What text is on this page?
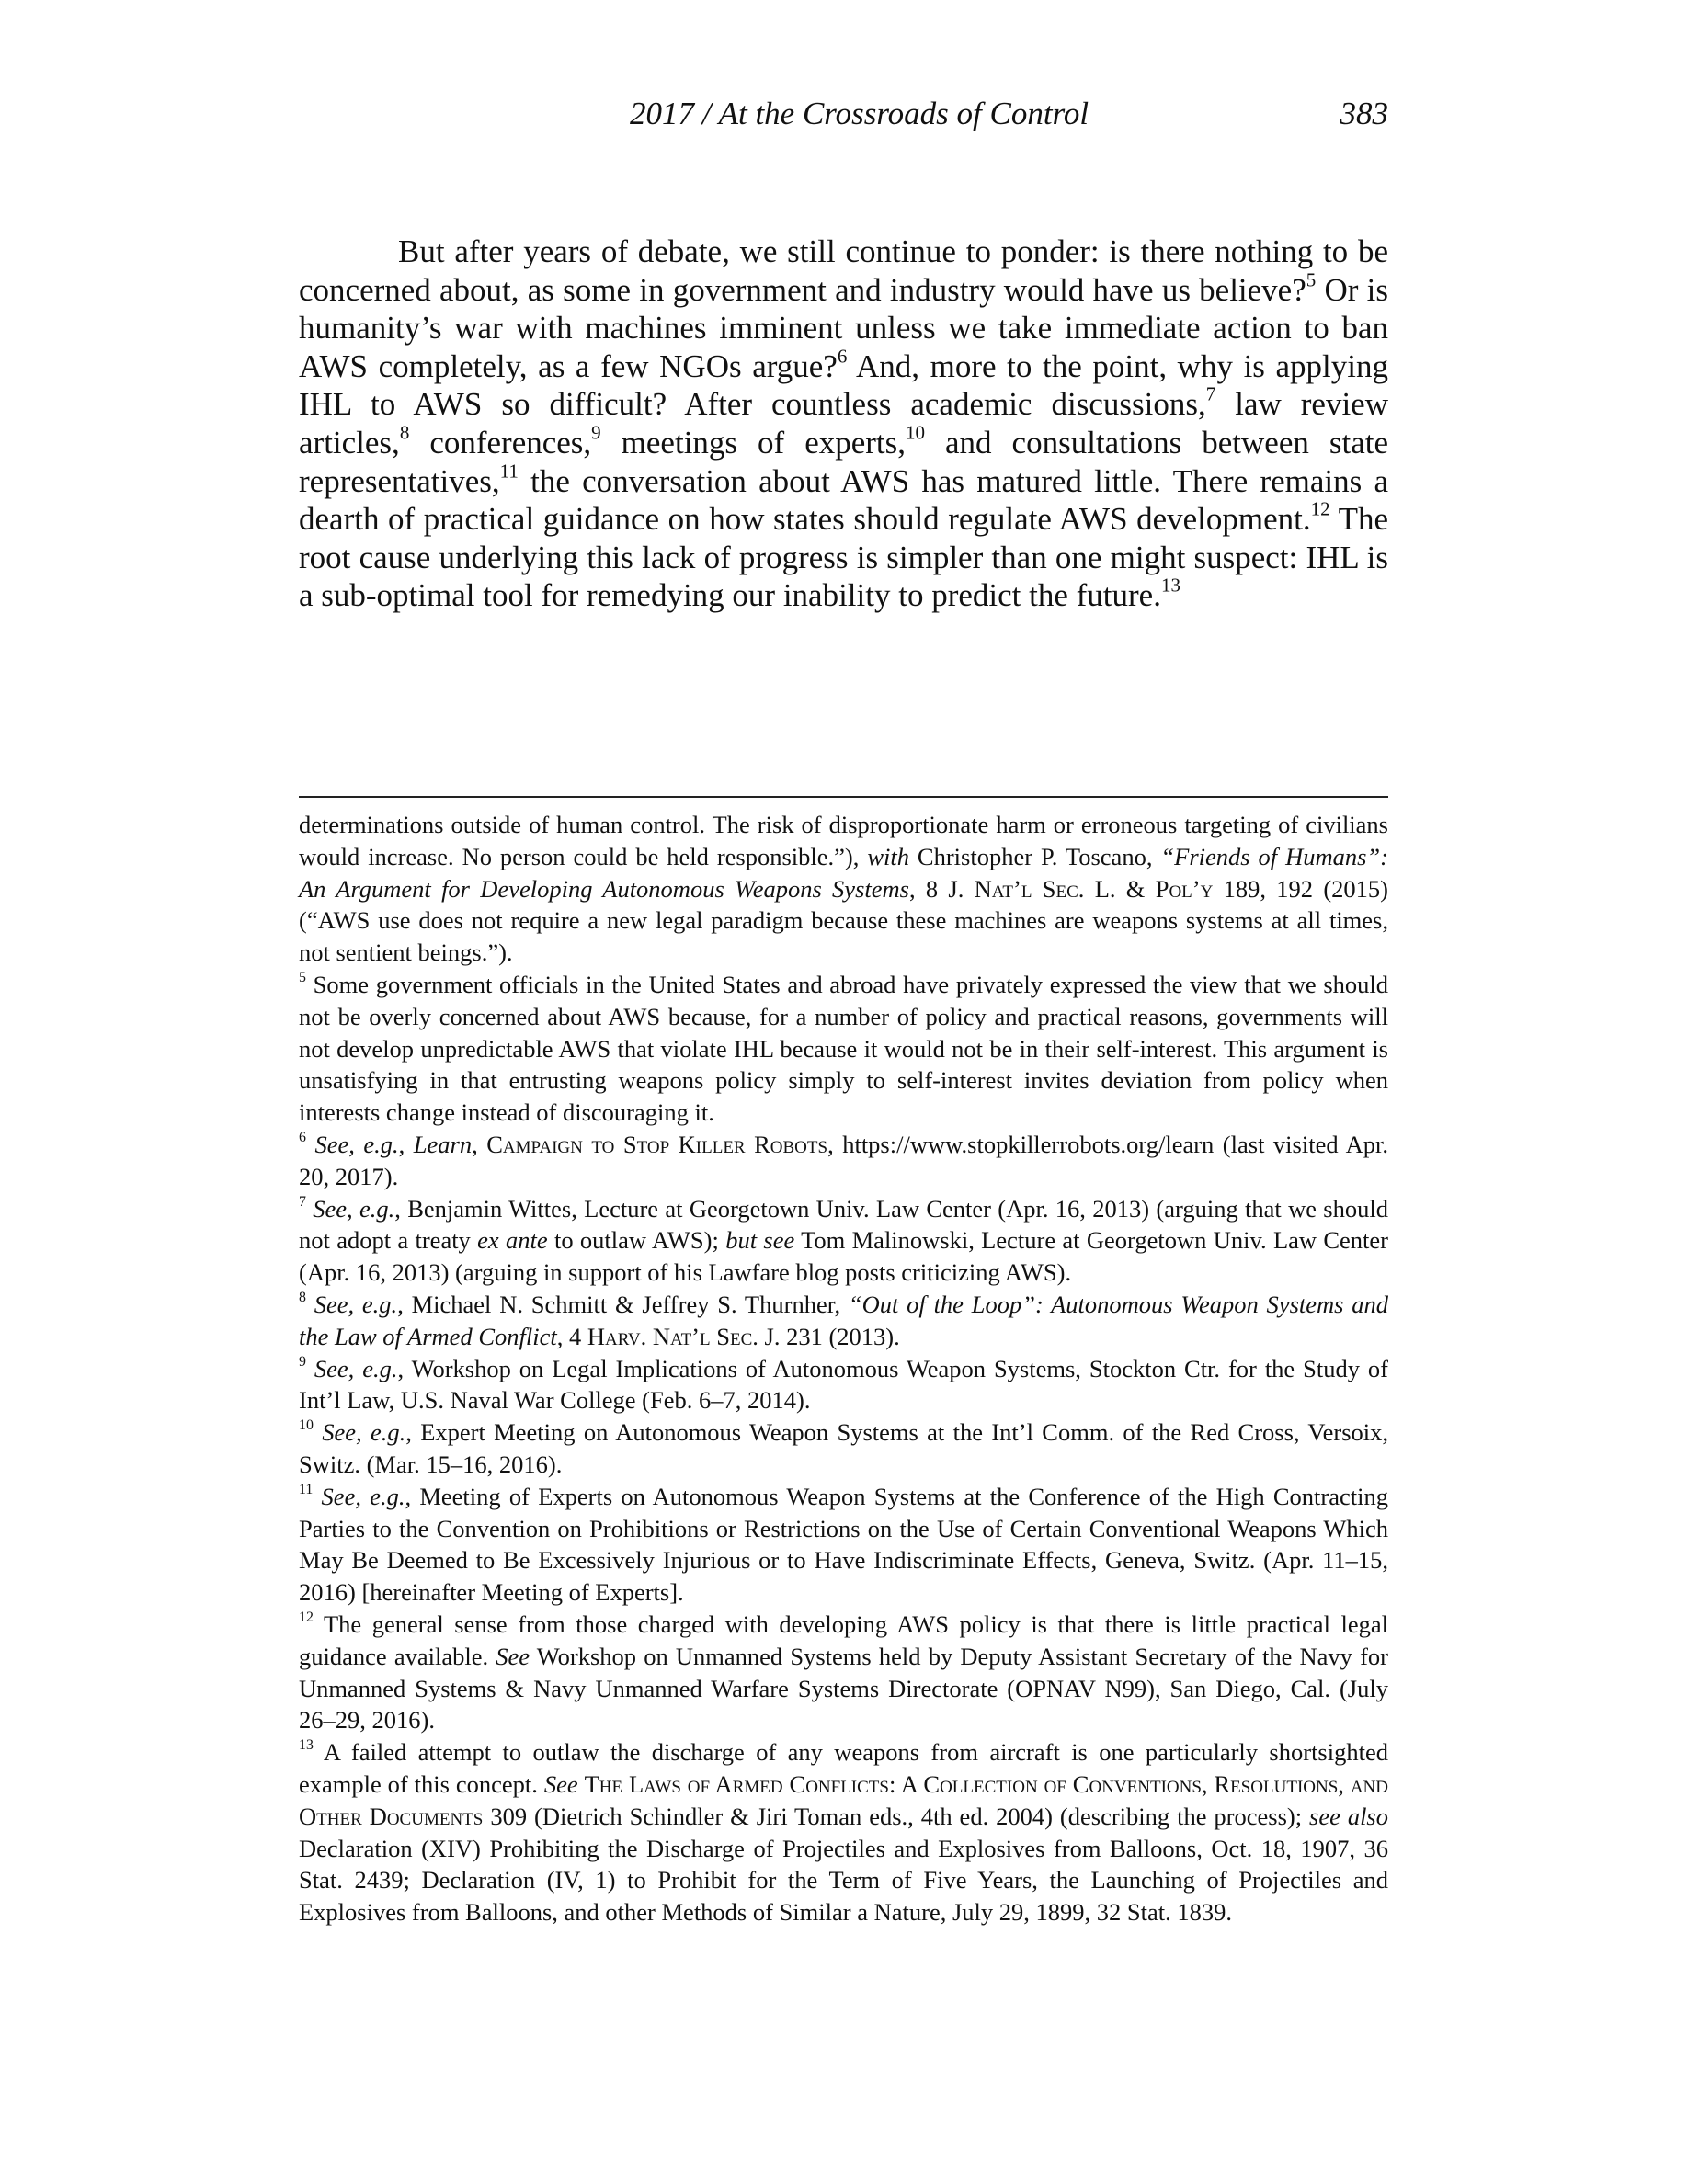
2017 / At the Crossroads of Control	383

But after years of debate, we still continue to ponder: is there nothing to be concerned about, as some in government and industry would have us believe?$^5$ Or is humanity’s war with machines imminent unless we take immediate action to ban AWS completely, as a few NGOs argue?$^6$ And, more to the point, why is applying IHL to AWS so difficult? After countless academic discussions,$^7$ law review articles,$^8$ conferences,$^9$ meetings of experts,$^{10}$ and consultations between state representatives,$^{11}$ the conversation about AWS has matured little. There remains a dearth of practical guidance on how states should regulate AWS development.$^{12}$ The root cause underlying this lack of progress is simpler than one might suspect: IHL is a sub-optimal tool for remedying our inability to predict the future.$^{13}$

determinations outside of human control. The risk of disproportionate harm or erroneous targeting of civilians would increase. No person could be held responsible.”), with Christopher P. Toscano, “Friends of Humans”: An Argument for Developing Autonomous Weapons Systems, 8 J. Nat’l Sec. L. & Pol’y 189, 192 (2015) (“AWS use does not require a new legal paradigm because these machines are weapons systems at all times, not sentient beings.”).

$^5$ Some government officials in the United States and abroad have privately expressed the view that we should not be overly concerned about AWS because, for a number of policy and practical reasons, governments will not develop unpredictable AWS that violate IHL because it would not be in their self-interest. This argument is unsatisfying in that entrusting weapons policy simply to self-interest invites deviation from policy when interests change instead of discouraging it.

$^6$ See, e.g., Learn, Campaign to Stop Killer Robots, https://www.stopkillerrobots.org/learn (last visited Apr. 20, 2017).

$^7$ See, e.g., Benjamin Wittes, Lecture at Georgetown Univ. Law Center (Apr. 16, 2013) (arguing that we should not adopt a treaty ex ante to outlaw AWS); but see Tom Malinowski, Lecture at Georgetown Univ. Law Center (Apr. 16, 2013) (arguing in support of his Lawfare blog posts criticizing AWS).

$^8$ See, e.g., Michael N. Schmitt & Jeffrey S. Thurnher, “Out of the Loop”: Autonomous Weapon Systems and the Law of Armed Conflict, 4 Harv. Nat’l Sec. J. 231 (2013).

$^9$ See, e.g., Workshop on Legal Implications of Autonomous Weapon Systems, Stockton Ctr. for the Study of Int’l Law, U.S. Naval War College (Feb. 6–7, 2014).

$^{10}$ See, e.g., Expert Meeting on Autonomous Weapon Systems at the Int’l Comm. of the Red Cross, Versoix, Switz. (Mar. 15–16, 2016).

$^{11}$ See, e.g., Meeting of Experts on Autonomous Weapon Systems at the Conference of the High Contracting Parties to the Convention on Prohibitions or Restrictions on the Use of Certain Conventional Weapons Which May Be Deemed to Be Excessively Injurious or to Have Indiscriminate Effects, Geneva, Switz. (Apr. 11–15, 2016) [hereinafter Meeting of Experts].

$^{12}$ The general sense from those charged with developing AWS policy is that there is little practical legal guidance available. See Workshop on Unmanned Systems held by Deputy Assistant Secretary of the Navy for Unmanned Systems & Navy Unmanned Warfare Systems Directorate (OPNAV N99), San Diego, Cal. (July 26–29, 2016).

$^{13}$ A failed attempt to outlaw the discharge of any weapons from aircraft is one particularly shortsighted example of this concept. See The Laws of Armed Conflicts: A Collection of Conventions, Resolutions, and Other Documents 309 (Dietrich Schindler & Jiri Toman eds., 4th ed. 2004) (describing the process); see also Declaration (XIV) Prohibiting the Discharge of Projectiles and Explosives from Balloons, Oct. 18, 1907, 36 Stat. 2439; Declaration (IV, 1) to Prohibit for the Term of Five Years, the Launching of Projectiles and Explosives from Balloons, and other Methods of Similar a Nature, July 29, 1899, 32 Stat. 1839.
